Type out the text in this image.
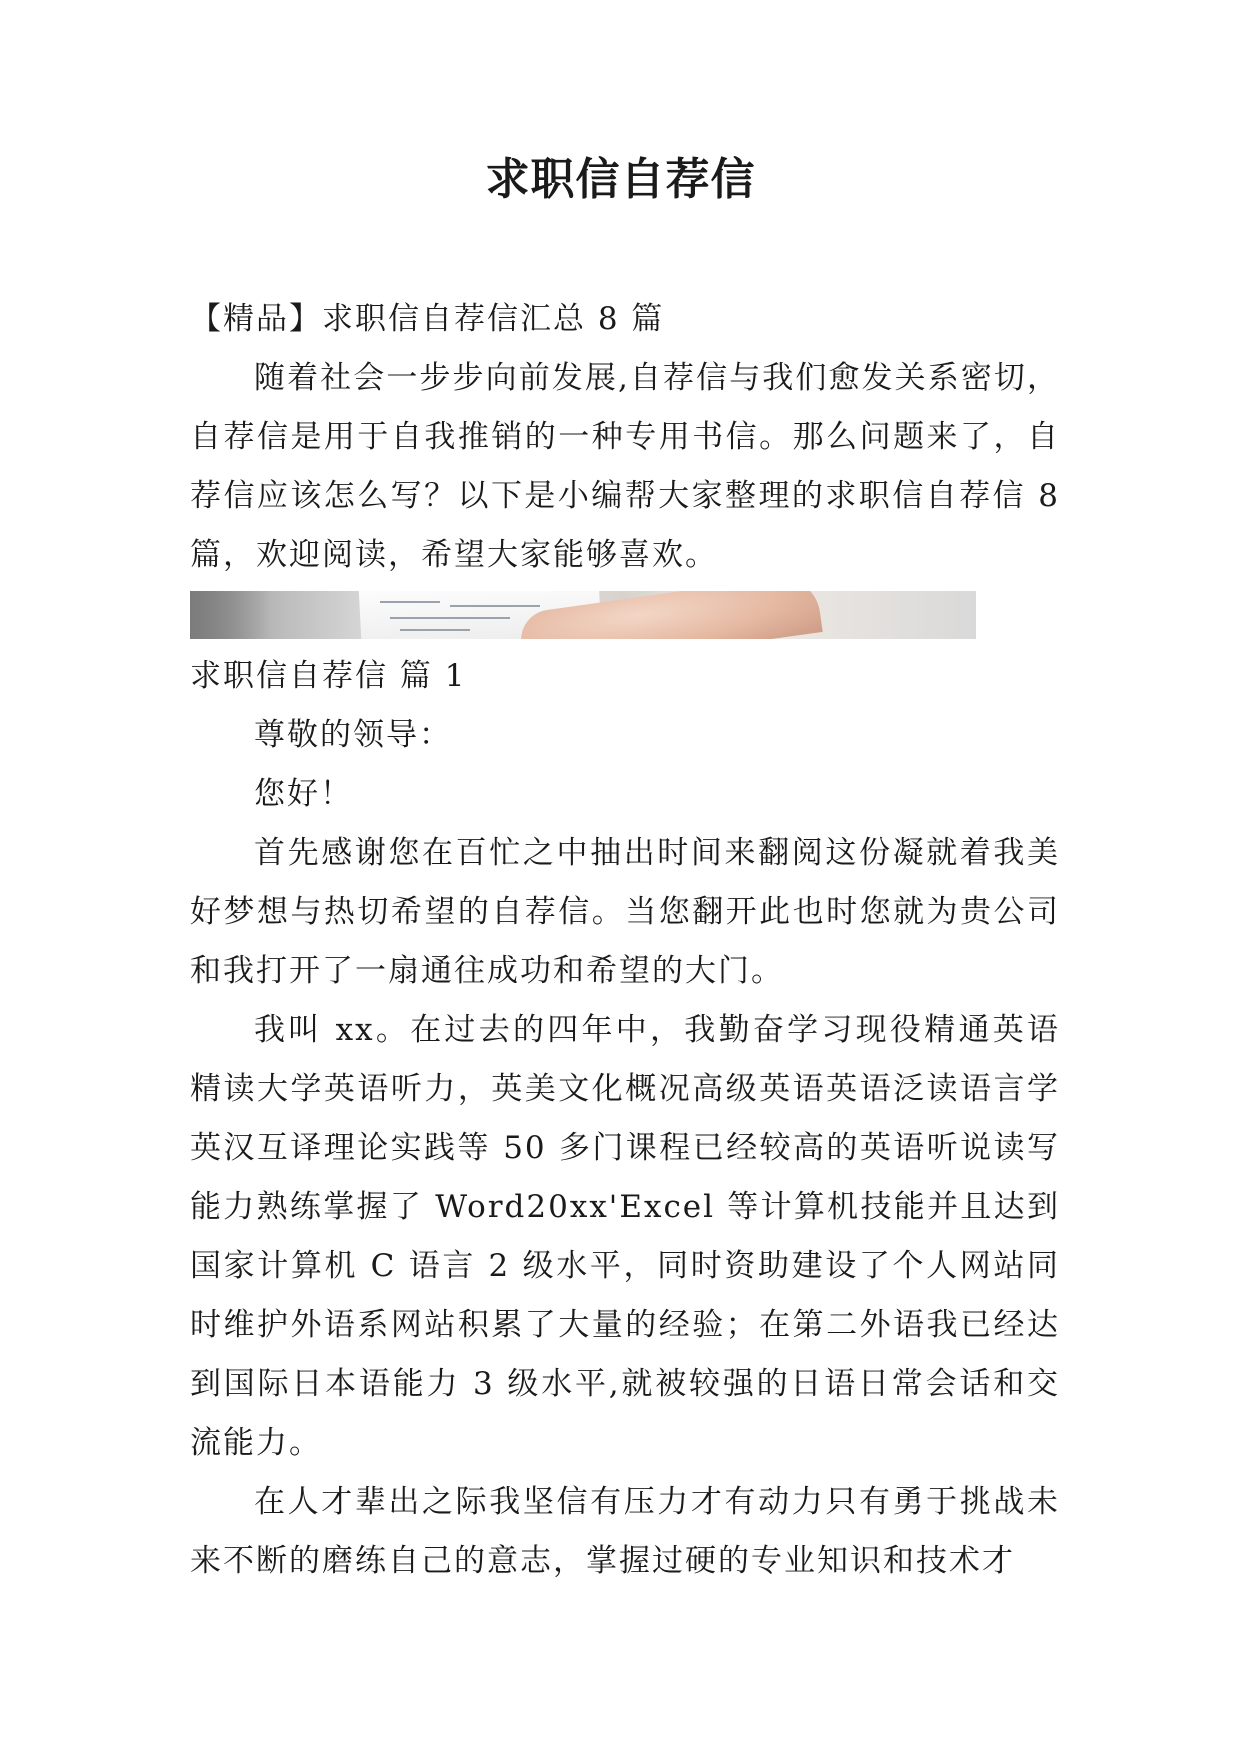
求职信自荐信

【精品】求职信自荐信汇总 8 篇

随着社会一步步向前发展,自荐信与我们愈发关系密切，自荐信是用于自我推销的一种专用书信。那么问题来了，自荐信应该怎么写？以下是小编帮大家整理的求职信自荐信 8 篇，欢迎阅读，希望大家能够喜欢。

求职信自荐信 篇 1

尊敬的领导：

您好！

首先感谢您在百忙之中抽出时间来翻阅这份凝就着我美好梦想与热切希望的自荐信。当您翻开此也时您就为贵公司和我打开了一扇通往成功和希望的大门。

我叫 xx。在过去的四年中，我勤奋学习现役精通英语精读大学英语听力，英美文化概况高级英语英语泛读语言学英汉互译理论实践等 50 多门课程已经较高的英语听说读写能力熟练掌握了 Word20xx'Excel 等计算机技能并且达到国家计算机 C 语言 2 级水平，同时资助建设了个人网站同时维护外语系网站积累了大量的经验；在第二外语我已经达到国际日本语能力 3 级水平,就被较强的日语日常会话和交流能力。

在人才辈出之际我坚信有压力才有动力只有勇于挑战未来不断的磨练自己的意志，掌握过硬的专业知识和技术才
